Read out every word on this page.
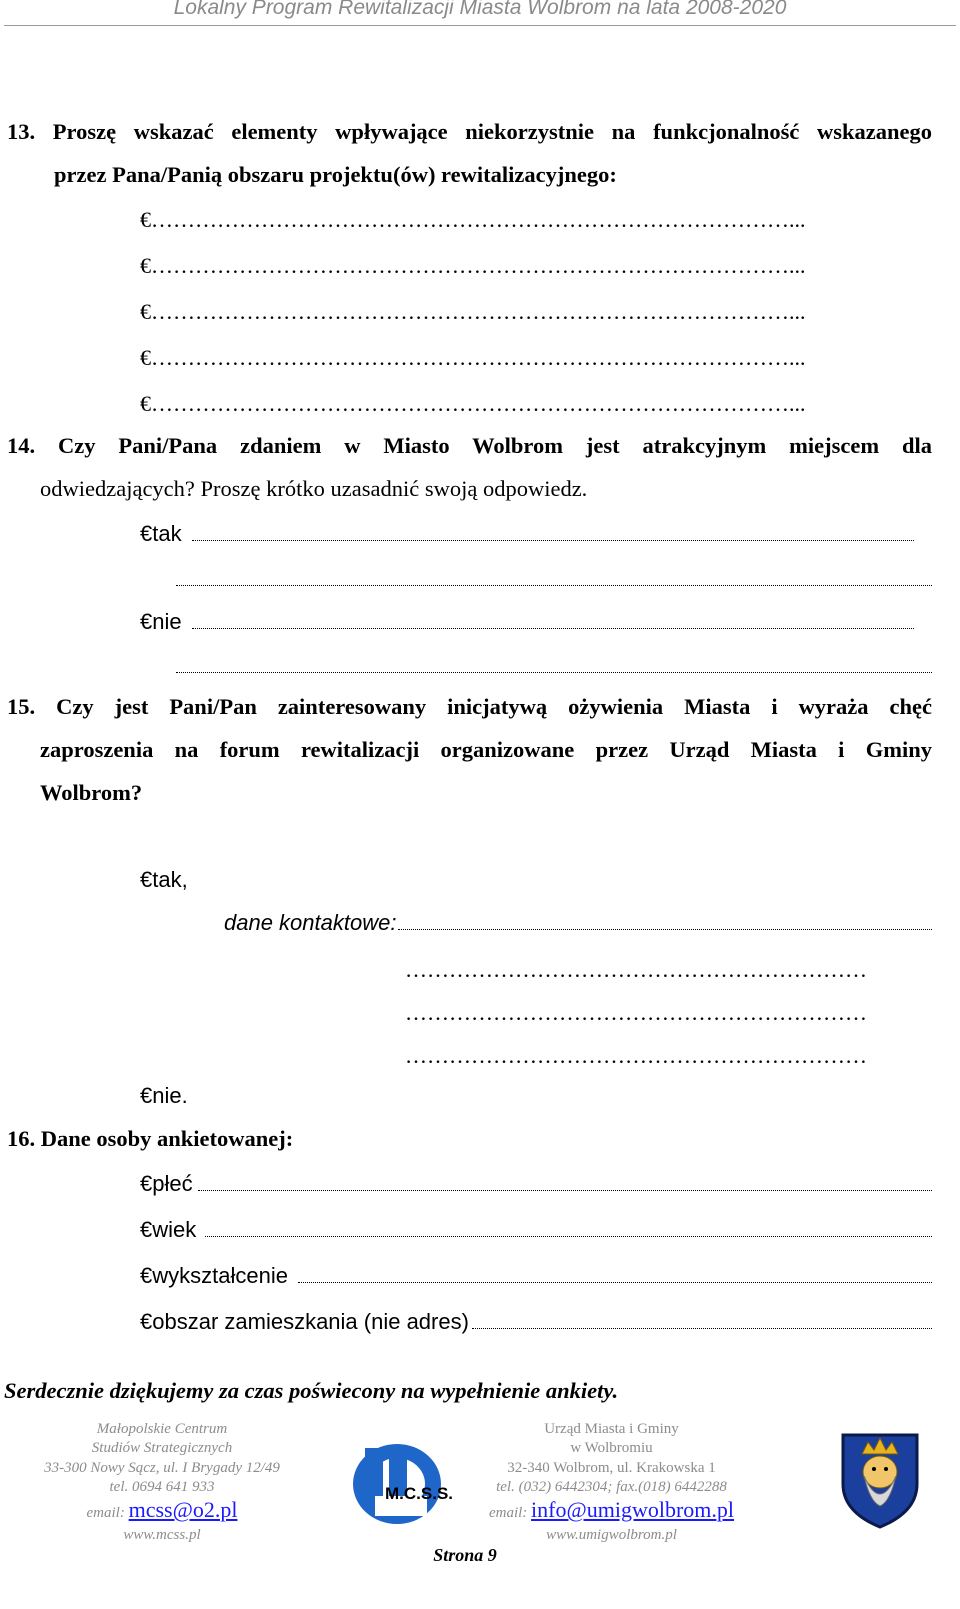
Lokalny Program Rewitalizacji Miasta Wolbrom na lata 2008-2020
13. Proszę wskazać elementy wpływające niekorzystnie na funkcjonalność wskazanego
przez Pana/Panią obszaru projektu(ów) rewitalizacyjnego:
€……………………………………………………………………………...
€……………………………………………………………………………...
€……………………………………………………………………………...
€……………………………………………………………………………...
€……………………………………………………………………………...
14. Czy Pani/Pana zdaniem w Miasto Wolbrom jest atrakcyjnym miejscem dla
odwiedzających? Proszę krótko uzasadnić swoją odpowiedz.
€tak
€nie
15. Czy jest Pani/Pan zainteresowany inicjatywą ożywienia Miasta i wyraża chęć
zaproszenia na forum rewitalizacji organizowane przez Urząd Miasta i Gminy
Wolbrom?
€tak,
dane kontaktowe:
………………………………………………………
………………………………………………………
………………………………………………………
€nie.
16. Dane osoby ankietowanej:
€płeć
€wiek
€wykształcenie
€obszar zamieszkania (nie adres)
Serdecznie dziękujemy za czas poświecony na wypełnienie ankiety.
Małopolskie Centrum
Studiów Strategicznych
33-300 Nowy Sącz, ul. I Brygady 12/49
tel. 0694 641 933
email: mcss@o2.pl
www.mcss.pl
M.C.S.S.
Urząd Miasta i Gminy
w Wolbromiu
32-340 Wolbrom, ul. Krakowska 1
tel. (032) 6442304; fax.(018) 6442288
email: info@umigwolbrom.pl
www.umigwolbrom.pl
Strona 9
